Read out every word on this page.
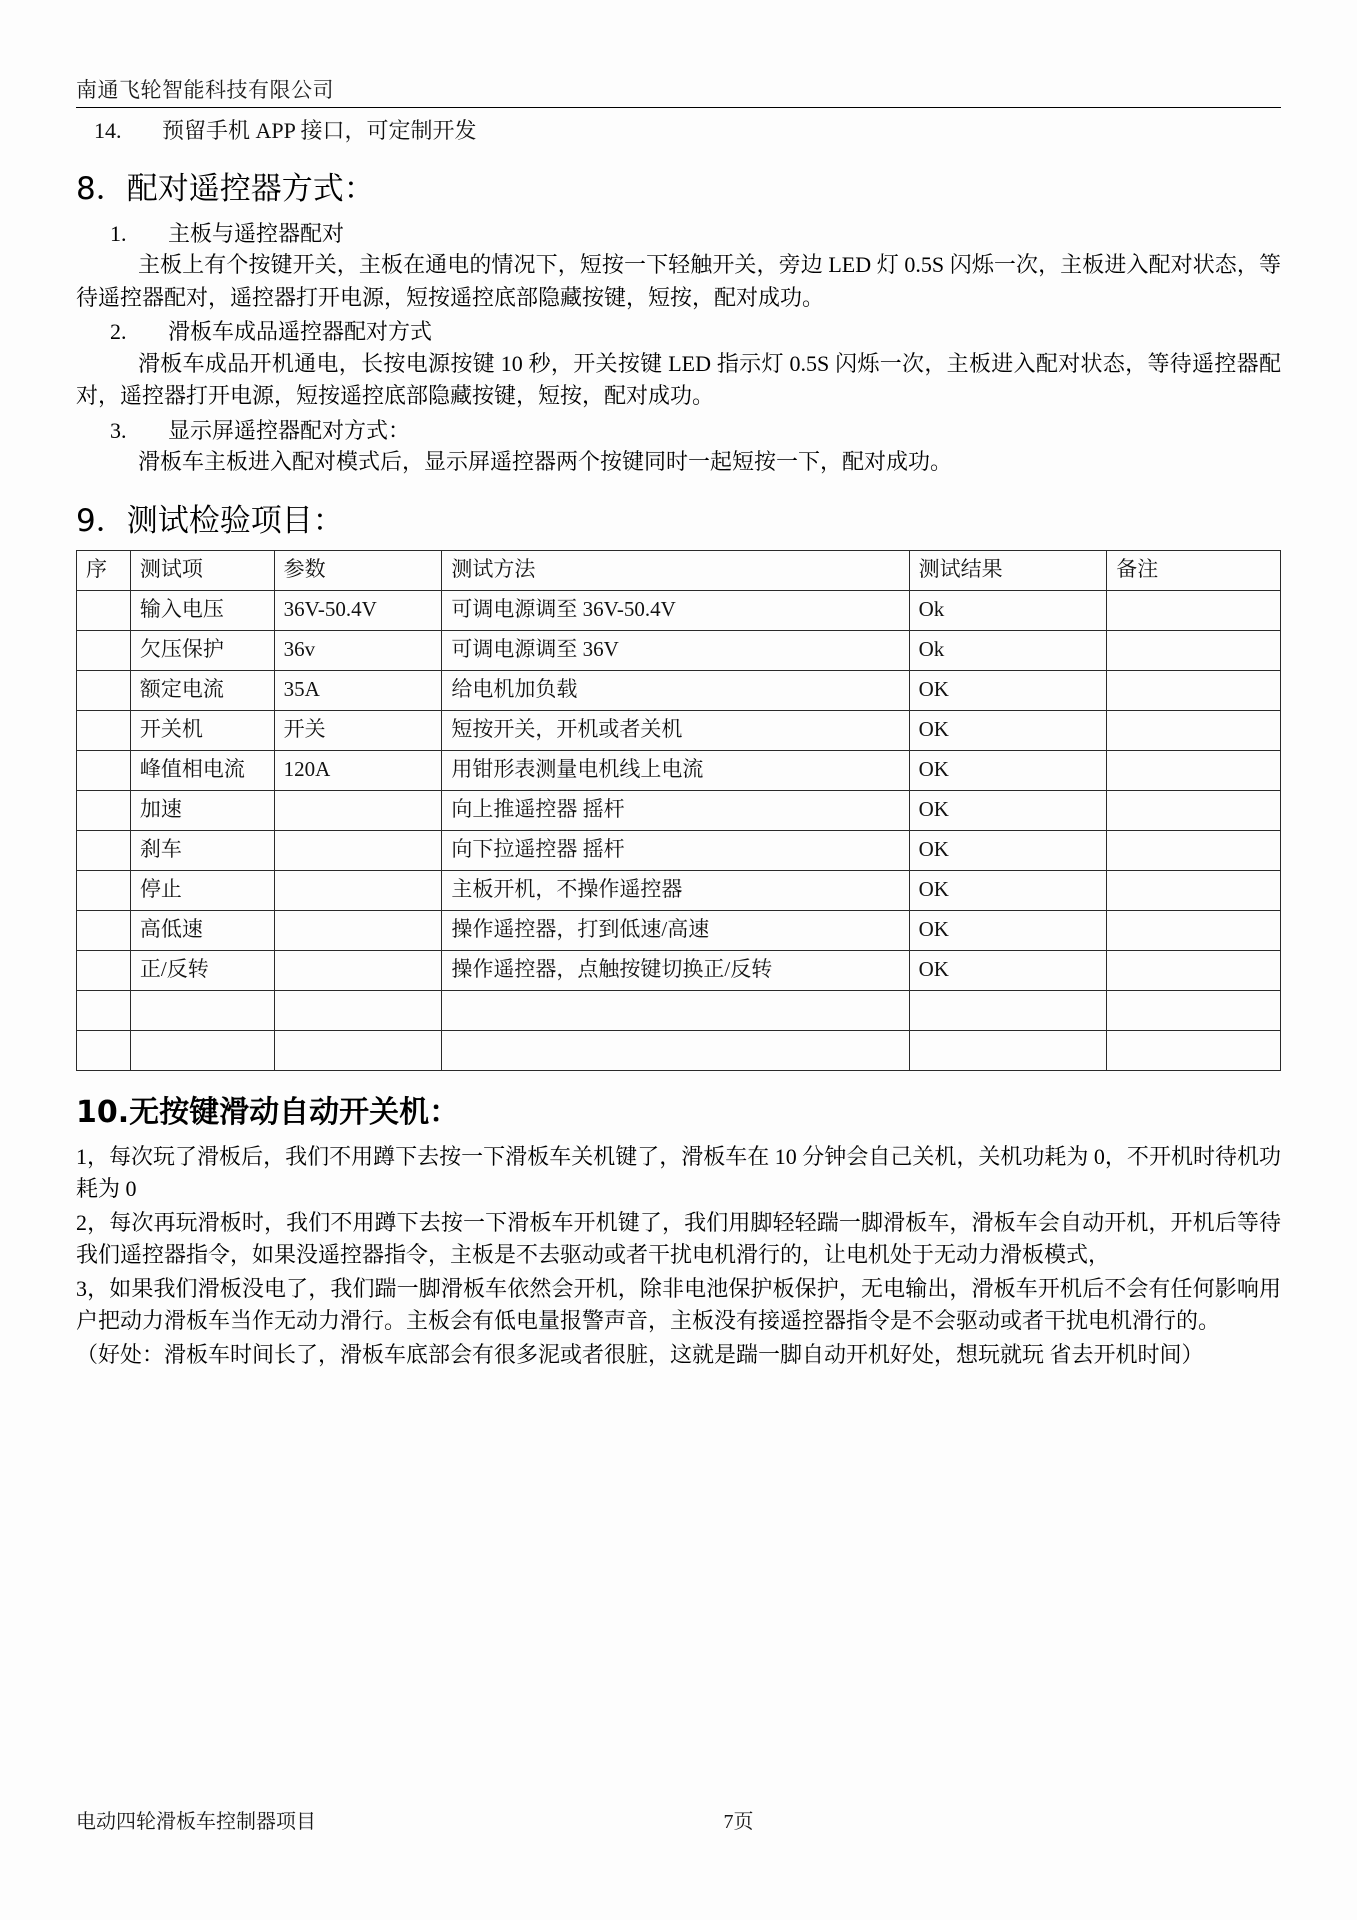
南通飞轮智能科技有限公司
14.	预留手机 APP 接口，可定制开发
8．配对遥控器方式：
1.	主板与遥控器配对

主板上有个按键开关，主板在通电的情况下，短按一下轻触开关，旁边 LED 灯 0.5S 闪烁一次，主板进入配对状态，等待遥控器配对，遥控器打开电源，短按遥控底部隐藏按键，短按，配对成功。

2.	滑板车成品遥控器配对方式

滑板车成品开机通电，长按电源按键 10 秒，开关按键 LED 指示灯 0.5S 闪烁一次，主板进入配对状态，等待遥控器配对，遥控器打开电源，短按遥控底部隐藏按键，短按，配对成功。

3.	显示屏遥控器配对方式：

滑板车主板进入配对模式后，显示屏遥控器两个按键同时一起短按一下，配对成功。

9．测试检验项目：
序	测试项	参数	测试方法	测试结果	备注
	输入电压	36V-50.4V	可调电源调至 36V-50.4V	Ok	
	欠压保护	36v	可调电源调至 36V	Ok	
	额定电流	35A	给电机加负载	OK	
	开关机	开关	短按开关，开机或者关机	OK	
	峰值相电流	120A	用钳形表测量电机线上电流	OK	
	加速		向上推遥控器 摇杆	OK	
	刹车		向下拉遥控器 摇杆	OK	
	停止		主板开机，不操作遥控器	OK	
	高低速		操作遥控器，打到低速/高速	OK	
	正/反转		操作遥控器，点触按键切换正/反转	OK	

10.无按键滑动自动开关机：

1，每次玩了滑板后，我们不用蹲下去按一下滑板车关机键了，滑板车在 10 分钟会自己关机，关机功耗为 0，不开机时待机功耗为 0

2，每次再玩滑板时，我们不用蹲下去按一下滑板车开机键了，我们用脚轻轻踹一脚滑板车，滑板车会自动开机，开机后等待我们遥控器指令，如果没遥控器指令，主板是不去驱动或者干扰电机滑行的，让电机处于无动力滑板模式，

3，如果我们滑板没电了，我们踹一脚滑板车依然会开机，除非电池保护板保护，无电输出，滑板车开机后不会有任何影响用户把动力滑板车当作无动力滑行。主板会有低电量报警声音，主板没有接遥控器指令是不会驱动或者干扰电机滑行的。

（好处：滑板车时间长了，滑板车底部会有很多泥或者很脏，这就是踹一脚自动开机好处，想玩就玩 省去开机时间）

电动四轮滑板车控制器项目	7页
